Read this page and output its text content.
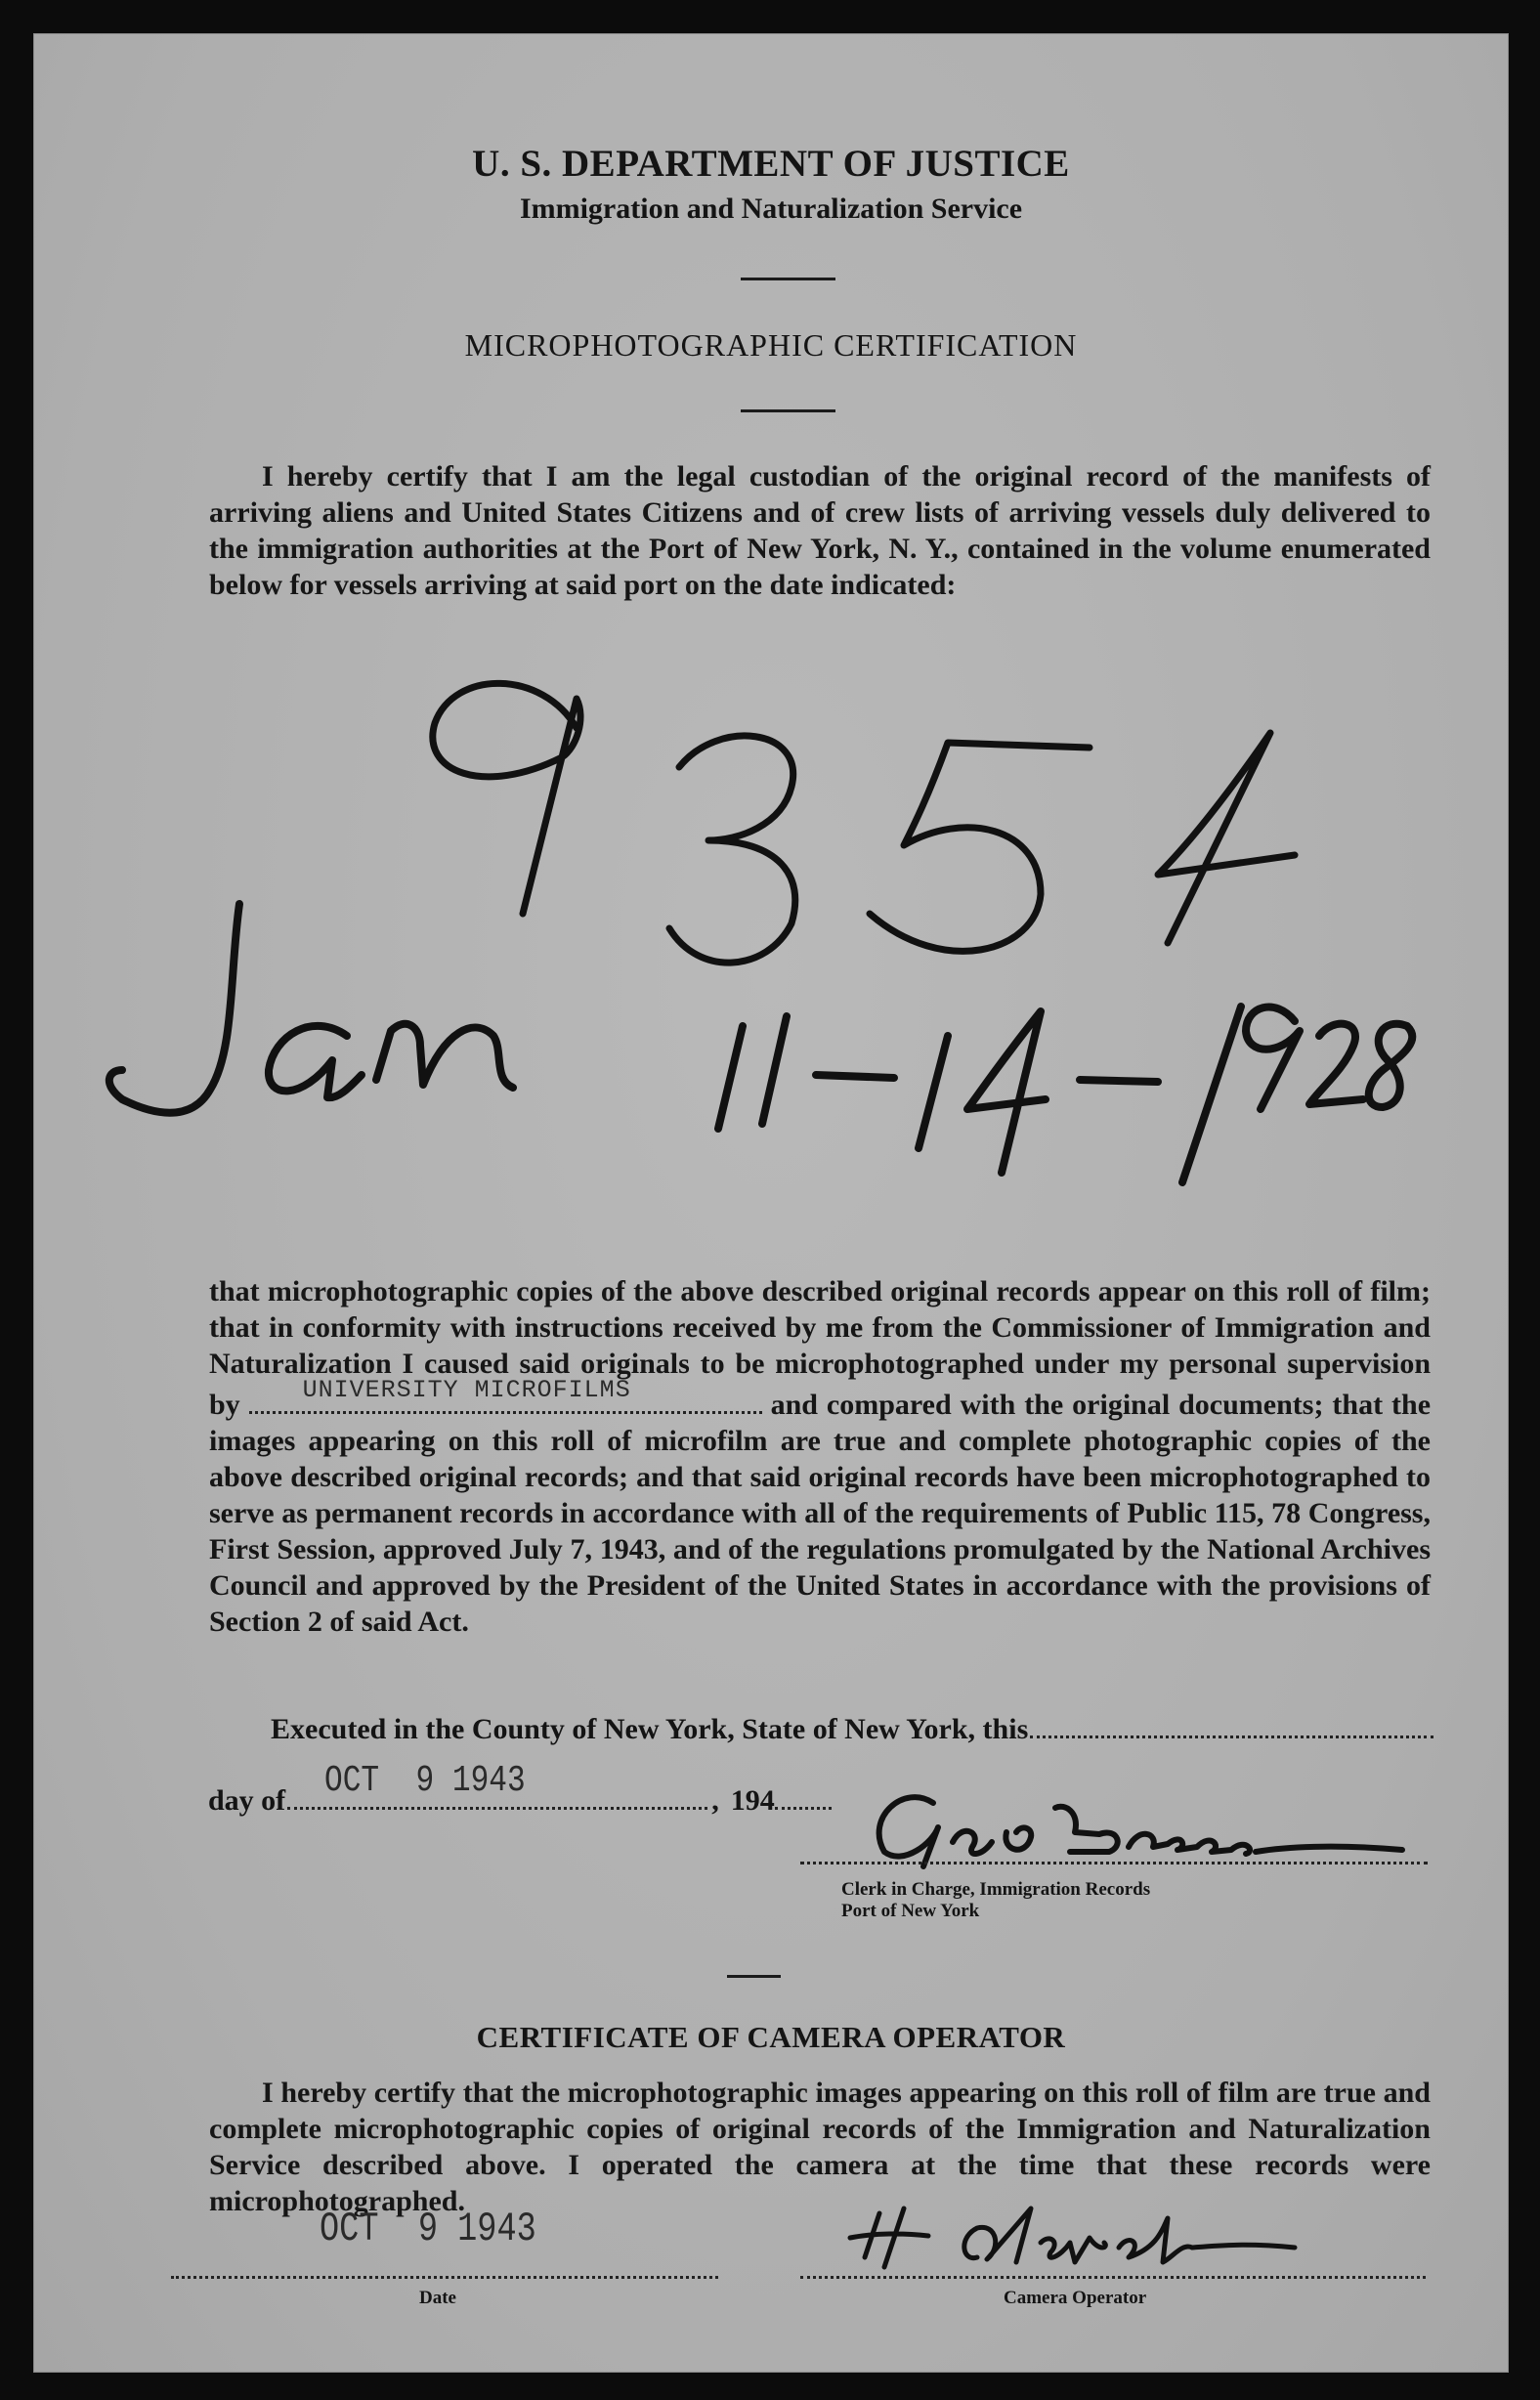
U. S. DEPARTMENT OF JUSTICE
Immigration and Naturalization Service
MICROPHOTOGRAPHIC CERTIFICATION
I hereby certify that I am the legal custodian of the original record of the manifests of arriving aliens and United States Citizens and of crew lists of arriving vessels duly delivered to the immigration authorities at the Port of New York, N. Y., contained in the volume enumerated below for vessels arriving at said port on the date indicated:
that microphotographic copies of the above described original records appear on this roll of film; that in conformity with instructions received by me from the Commissioner of Immigration and Naturalization I caused said originals to be microphotographed under my personal supervision by	UNIVERSITY MICROFILMS	and compared with the original documents; that the images appearing on this roll of microfilm are true and complete photographic copies of the above described original records; and that said original records have been microphotographed to serve as permanent records in accordance with all of the requirements of Public 115, 78 Congress, First Session, approved July 7, 1943, and of the regulations promulgated by the National Archives Council and approved by the President of the United States in accordance with the provisions of Section 2 of said Act.
Executed in the County of New York, State of New York, this
day of OCT  9 1943	, 194
Clerk in Charge, Immigration Records
Port of New York
CERTIFICATE OF CAMERA OPERATOR
I hereby certify that the microphotographic images appearing on this roll of film are true and complete microphotographic copies of original records of the Immigration and Naturalization Service described above. I operated the camera at the time that these records were microphotographed.
OCT  9 1943
Date	Camera Operator
